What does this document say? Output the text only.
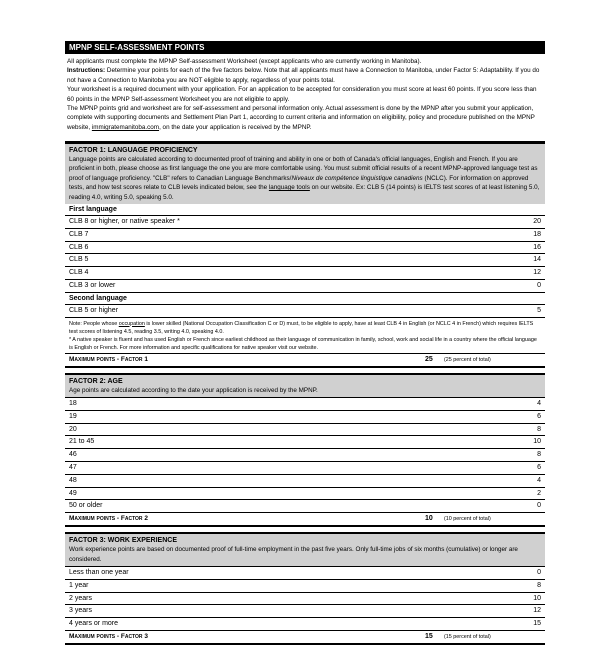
MPNP SELF-ASSESSMENT POINTS

All applicants must complete the MPNP Self-assessment Worksheet (except applicants who are currently working in Manitoba).

Instructions: Determine your points for each of the five factors below. Note that all applicants must have a Connection to Manitoba, under Factor 5: Adaptability. If you do not have a Connection to Manitoba you are NOT eligible to apply, regardless of your points total.

Your worksheet is a required document with your application. For an application to be accepted for consideration you must score at least 60 points. If you score less than 60 points in the MPNP Self-assessment Worksheet you are not eligible to apply.

The MPNP points grid and worksheet are for self-assessment and personal information only. Actual assessment is done by the MPNP after you submit your application, complete with supporting documents and Settlement Plan Part 1, according to current criteria and information on eligibility, policy and procedure published on the MPNP website, immigratemanitoba.com, on the date your application is received by the MPNP.

FACTOR 1: LANGUAGE PROFICIENCY

Language points are calculated according to documented proof of training and ability in one or both of Canada's official languages, English and French. If you are proficient in both, please choose as first language the one you are more comfortable using. You must submit official results of a recent MPNP-approved language test as proof of language proficiency. "CLB" refers to Canadian Language Benchmarks/Niveaux de compétence linguistique canadiens (NCLC). For information on approved tests, and how test scores relate to CLB levels indicated below, see the language tools on our website. Ex: CLB 5 (14 points) is IELTS test scores of at least listening 5.0, reading 4.0, writing 5.0, speaking 5.0.

First language
CLB 8 or higher, or native speaker *	20
CLB 7	18
CLB 6	16
CLB 5	14
CLB 4	12
CLB 3 or lower	0
Second language
CLB 5 or higher	5

Note: People whose occupation is lower skilled (National Occupation Classification C or D) must, to be eligible to apply, have at least CLB 4 in English (or NCLC 4 in French) which requires IELTS test scores of listening 4.5, reading 3.5, writing 4.0, speaking 4.0.

* A native speaker is fluent and has used English or French since earliest childhood as their language of communication in family, school, work and social life in a country where the official language is English or French. For more information and specific qualifications for native speaker visit our website.

Maximum points - Factor 1	25 (25 percent of total)
FACTOR 2: AGE

Age points are calculated according to the date your application is received by the MPNP.

18	4
19	6
20	8
21 to 45	10
46	8
47	6
48	4
49	2
50 or older	0
Maximum points - Factor 2	10 (10 percent of total)
FACTOR 3: WORK EXPERIENCE

Work experience points are based on documented proof of full-time employment in the past five years. Only full-time jobs of six months (cumulative) or longer are considered.

Less than one year	0
1 year	8
2 years	10
3 years	12
4 years or more	15
Maximum points - Factor 3	15 (15 percent of total)
